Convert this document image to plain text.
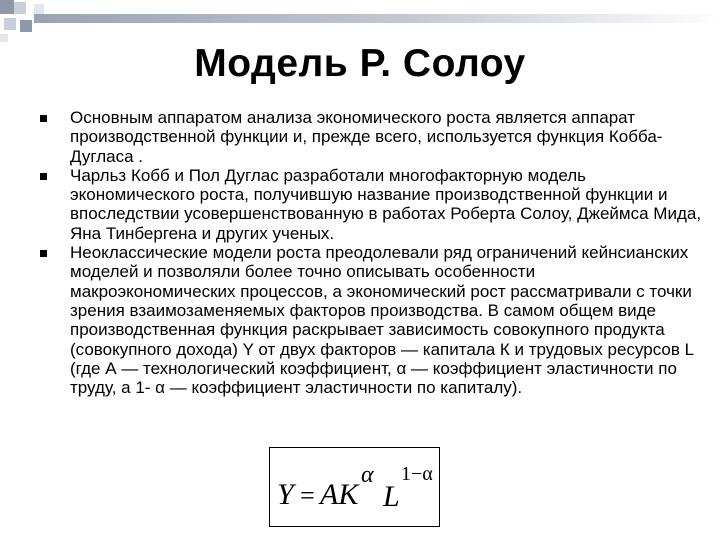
Модель Р. Солоу
Основным аппаратом анализа экономического роста является аппарат производственной функции и, прежде всего, используется функция Кобба-Дугласа .
Чарльз Кобб и Пол Дуглас разработали многофакторную модель экономического роста, получившую название производственной функции и впоследствии усовершенствованную в работах Роберта Солоу, Джеймса Мида, Яна Тинбергена и других ученых.
Неоклассические модели роста преодолевали ряд ограничений кейнсианских моделей и позволяли более точно описывать особенности макроэкономических процессов, а экономический рост рассматривали с точки зрения взаимозаменяемых факторов производства. В самом общем виде производственная функция раскрывает зависимость совокупного продукта (совокупного дохода) Y от двух факторов — капитала К и трудовых ресурсов L (где А — технологический коэффициент, α — коэффициент эластичности по труду, а 1- α — коэффициент эластичности по капиталу).
Y = AK
α
L
1−α
